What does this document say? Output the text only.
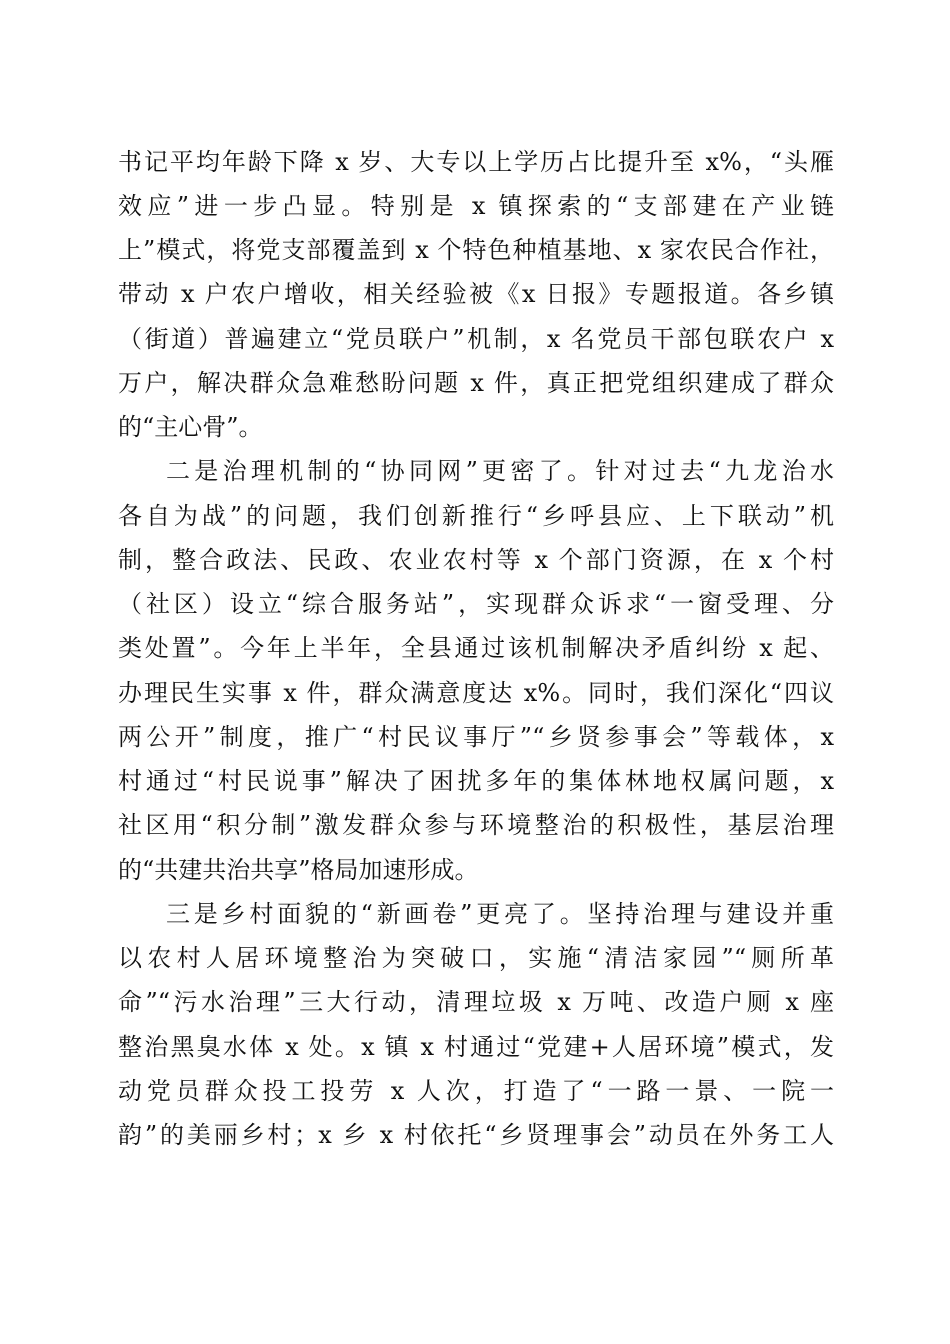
书记平均年龄下降 x 岁、大专以上学历占比提升至 x%，“头雁
效应”进一步凸显。特别是 x 镇探索的“支部建在产业链
上”模式，将党支部覆盖到 x 个特色种植基地、x 家农民合作社，
带动 x 户农户增收，相关经验被《x 日报》专题报道。各乡镇
（街道）普遍建立“党员联户”机制，x 名党员干部包联农户 x
万户，解决群众急难愁盼问题 x 件，真正把党组织建成了群众
的“主心骨”。
二是治理机制的“协同网”更密了。针对过去“九龙治水
各自为战”的问题，我们创新推行“乡呼县应、上下联动”机
制，整合政法、民政、农业农村等 x 个部门资源，在 x 个村
（社区）设立“综合服务站”，实现群众诉求“一窗受理、分
类处置”。今年上半年，全县通过该机制解决矛盾纠纷 x 起、
办理民生实事 x 件，群众满意度达 x%。同时，我们深化“四议
两公开”制度，推广“村民议事厅”“乡贤参事会”等载体，x
村通过“村民说事”解决了困扰多年的集体林地权属问题，x
社区用“积分制”激发群众参与环境整治的积极性，基层治理
的“共建共治共享”格局加速形成。
三是乡村面貌的“新画卷”更亮了。坚持治理与建设并重
以农村人居环境整治为突破口，实施“清洁家园”“厕所革
命”“污水治理”三大行动，清理垃圾 x 万吨、改造户厕 x 座
整治黑臭水体 x 处。x 镇 x 村通过“党建+人居环境”模式，发
动党员群众投工投劳 x 人次，打造了“一路一景、一院一
韵”的美丽乡村；x 乡 x 村依托“乡贤理事会”动员在外务工人
